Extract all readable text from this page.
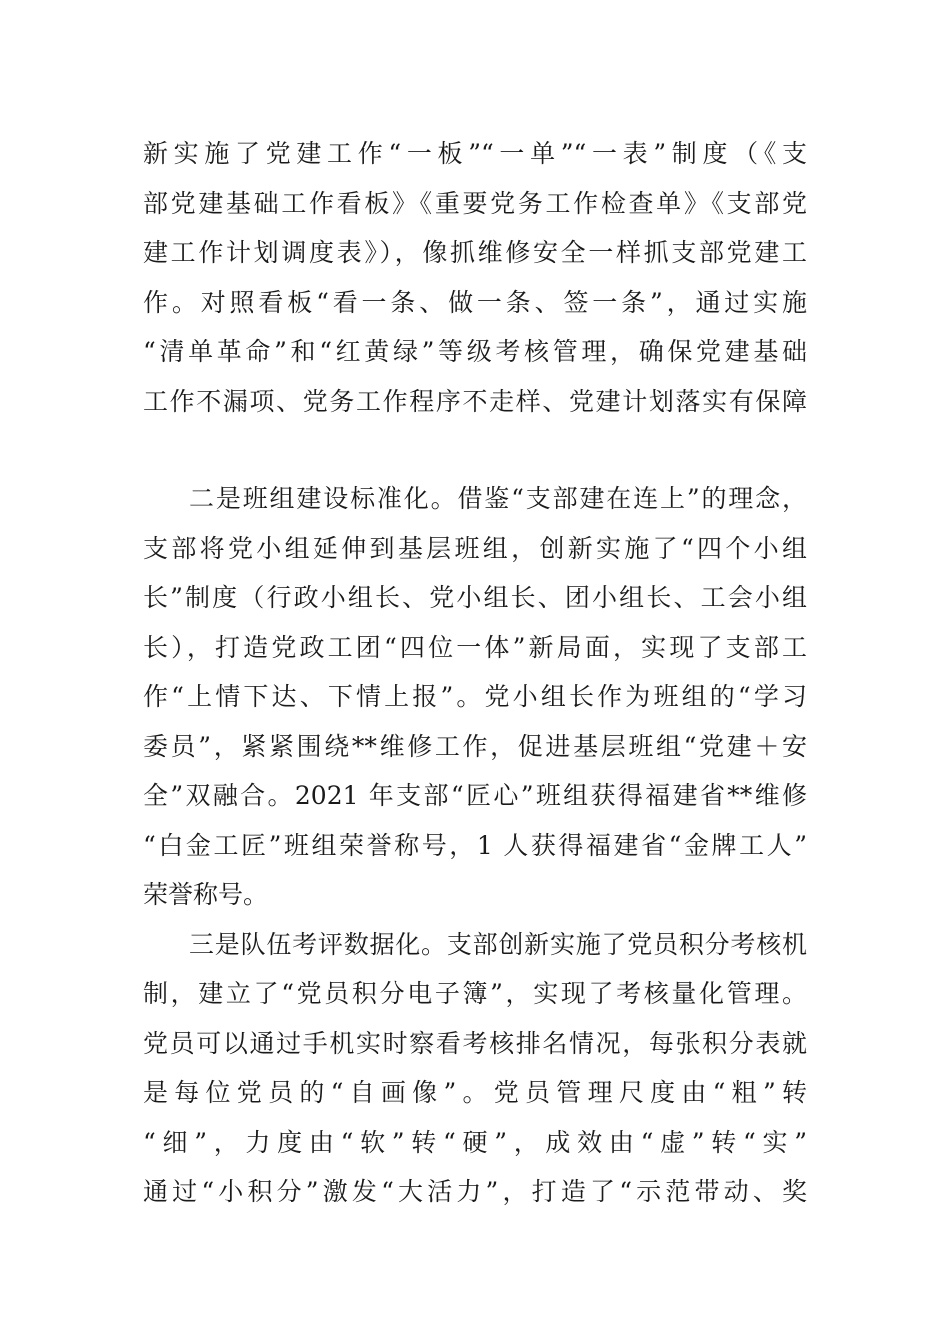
新实施了党建工作“一板”“一单”“一表”制度（《支
部党建基础工作看板》《重要党务工作检查单》《支部党
建工作计划调度表》），像抓维修安全一样抓支部党建工
作。对照看板“看一条、做一条、签一条”，通过实施
“清单革命”和“红黄绿”等级考核管理，确保党建基础
工作不漏项、党务工作程序不走样、党建计划落实有保障
二是班组建设标准化。借鉴“支部建在连上”的理念，
支部将党小组延伸到基层班组，创新实施了“四个小组
长”制度（行政小组长、党小组长、团小组长、工会小组
长），打造党政工团“四位一体”新局面，实现了支部工
作“上情下达、下情上报”。党小组长作为班组的“学习
委员”，紧紧围绕**维修工作，促进基层班组“党建＋安
全”双融合。2021 年支部“匠心”班组获得福建省**维修
“白金工匠”班组荣誉称号，1 人获得福建省“金牌工人”
荣誉称号。
三是队伍考评数据化。支部创新实施了党员积分考核机
制，建立了“党员积分电子簿”，实现了考核量化管理。
党员可以通过手机实时察看考核排名情况，每张积分表就
是每位党员的“自画像”。党员管理尺度由“粗”转
“细”，力度由“软”转“硬”，成效由“虚”转“实”
通过“小积分”激发“大活力”，打造了“示范带动、奖
